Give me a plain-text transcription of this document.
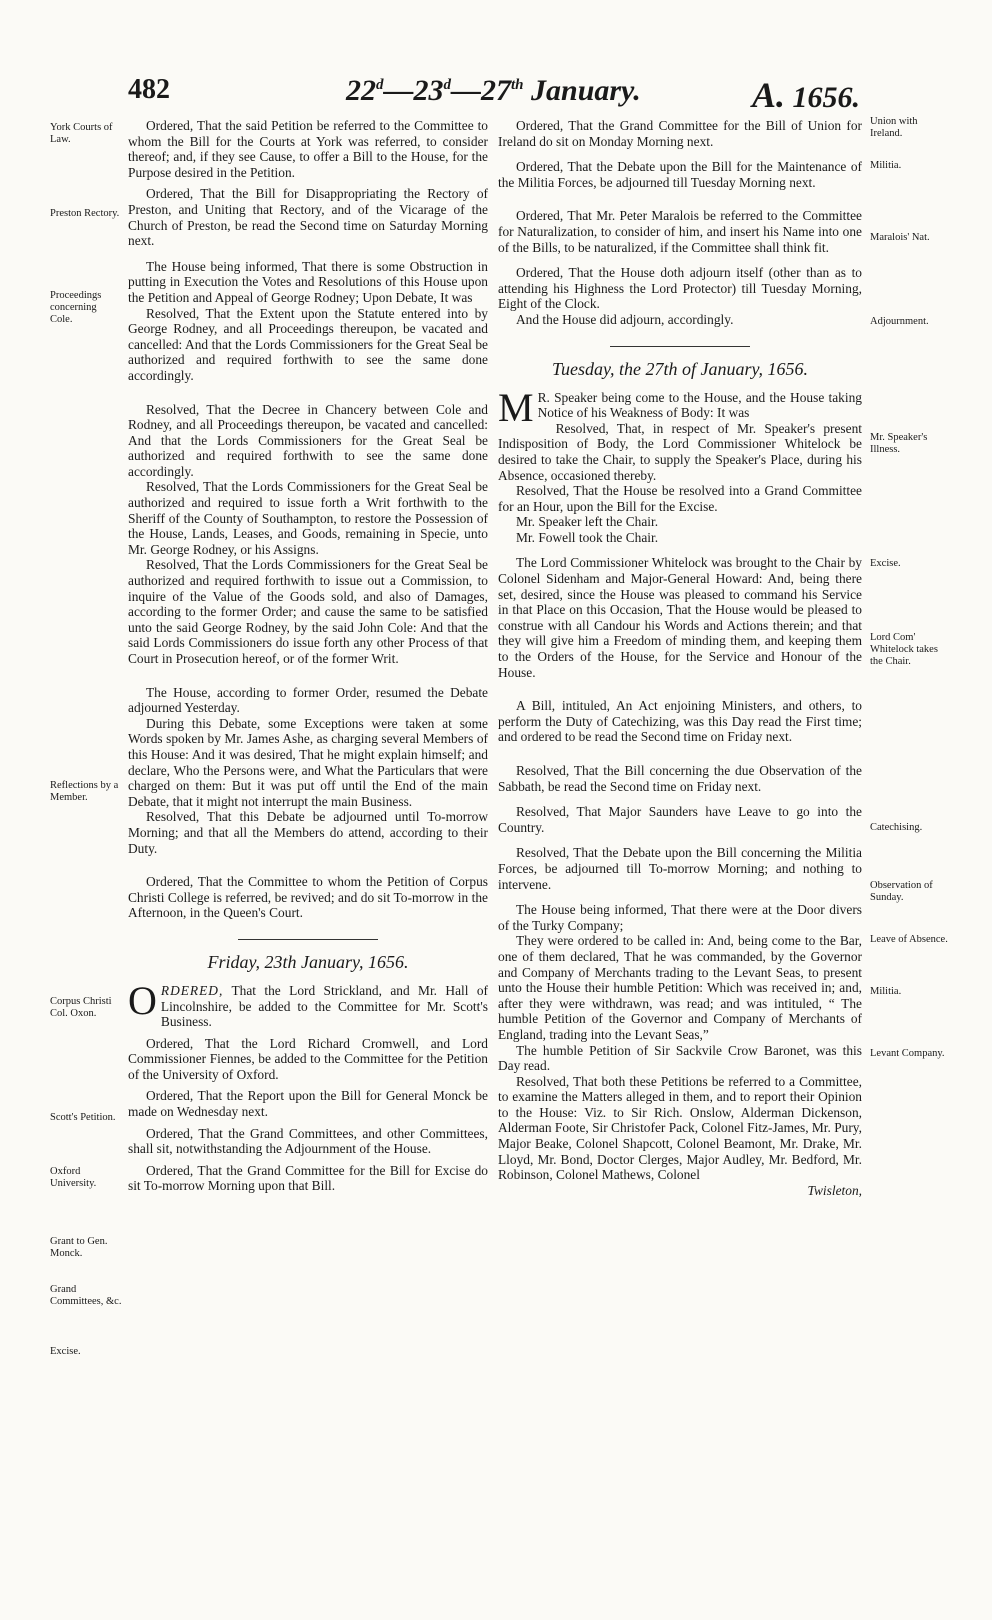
482	22$^d$—23$^d$—27th January.	A. 1656.
York Courts of Law.
Preston Rectory.
Proceedings concerning Cole.
Reflections by a Member.
Corpus Christi Col. Oxon.
Scott's Petition.
Oxford University.
Grant to Gen. Monck.
Grand Committees, &c.
Excise.
Union with Ireland.
Militia.
Maralois' Nat.
Adjournment.
Mr. Speaker's Illness.
Excise.
Lord Com' Whitelock takes the Chair.
Catechising.
Observation of Sunday.
Leave of Absence.
Militia.
Levant Company.

Ordered, That the said Petition be referred to the Committee to whom the Bill for the Courts at York was referred, to consider thereof; and, if they see Cause, to offer a Bill to the House, for the Purpose desired in the Petition.

Ordered, That the Bill for Disappropriating the Rectory of Preston, and Uniting that Rectory, and of the Vicarage of the Church of Preston, be read the Second time on Saturday Morning next.

The House being informed, That there is some Obstruction in putting in Execution the Votes and Resolutions of this House upon the Petition and Appeal of George Rodney; Upon Debate, It was

Resolved, That the Extent upon the Statute entered into by George Rodney, and all Proceedings thereupon, be vacated and cancelled: And that the Lords Commissioners for the Great Seal be authorized and required forthwith to see the same done accordingly.

Resolved, That the Decree in Chancery between Cole and Rodney, and all Proceedings thereupon, be vacated and cancelled: And that the Lords Commissioners for the Great Seal be authorized and required forthwith to see the same done accordingly.

Resolved, That the Lords Commissioners for the Great Seal be authorized and required to issue forth a Writ forthwith to the Sheriff of the County of Southampton, to restore the Possession of the House, Lands, Leases, and Goods, remaining in Specie, unto Mr. George Rodney, or his Assigns.

Resolved, That the Lords Commissioners for the Great Seal be authorized and required forthwith to issue out a Commission, to inquire of the Value of the Goods sold, and also of Damages, according to the former Order; and cause the same to be satisfied unto the said George Rodney, by the said John Cole: And that the said Lords Commissioners do issue forth any other Process of that Court in Prosecution hereof, or of the former Writ.

The House, according to former Order, resumed the Debate adjourned Yesterday.

During this Debate, some Exceptions were taken at some Words spoken by Mr. James Ashe, as charging several Members of this House: And it was desired, That he might explain himself; and declare, Who the Persons were, and What the Particulars that were charged on them: But it was put off until the End of the main Debate, that it might not interrupt the main Business.

Resolved, That this Debate be adjourned until To-morrow Morning; and that all the Members do attend, according to their Duty.

Ordered, That the Committee to whom the Petition of Corpus Christi College is referred, be revived; and do sit To-morrow in the Afternoon, in the Queen's Court.

Friday, 23th January, 1656.

ORDERED, That the Lord Strickland, and Mr. Hall of Lincolnshire, be added to the Committee for Mr. Scott's Business.

Ordered, That the Lord Richard Cromwell, and Lord Commissioner Fiennes, be added to the Committee for the Petition of the University of Oxford.

Ordered, That the Report upon the Bill for General Monck be made on Wednesday next.

Ordered, That the Grand Committees, and other Committees, shall sit, notwithstanding the Adjournment of the House.

Ordered, That the Grand Committee for the Bill for Excise do sit To-morrow Morning upon that Bill.

Ordered, That the Grand Committee for the Bill of Union for Ireland do sit on Monday Morning next.

Ordered, That the Debate upon the Bill for the Maintenance of the Militia Forces, be adjourned till Tuesday Morning next.

Ordered, That Mr. Peter Maralois be referred to the Committee for Naturalization, to consider of him, and insert his Name into one of the Bills, to be naturalized, if the Committee shall think fit.

Ordered, That the House doth adjourn itself (other than as to attending his Highness the Lord Protector) till Tuesday Morning, Eight of the Clock.

And the House did adjourn, accordingly.

Tuesday, the 27th of January, 1656.

M R. Speaker being come to the House, and the House taking Notice of his Weakness of Body: It was

Resolved, That, in respect of Mr. Speaker's present Indisposition of Body, the Lord Commissioner Whitelock be desired to take the Chair, to supply the Speaker's Place, during his Absence, occasioned thereby.

Resolved, That the House be resolved into a Grand Committee for an Hour, upon the Bill for the Excise.

Mr. Speaker left the Chair.

Mr. Fowell took the Chair.

The Lord Commissioner Whitelock was brought to the Chair by Colonel Sidenham and Major-General Howard: And, being there set, desired, since the House was pleased to command his Service in that Place on this Occasion, That the House would be pleased to construe with all Candour his Words and Actions therein; and that they will give him a Freedom of minding them, and keeping them to the Orders of the House, for the Service and Honour of the House.

A Bill, intituled, An Act enjoining Ministers, and others, to perform the Duty of Catechizing, was this Day read the First time; and ordered to be read the Second time on Friday next.

Resolved, That the Bill concerning the due Observation of the Sabbath, be read the Second time on Friday next.

Resolved, That Major Saunders have Leave to go into the Country.

Resolved, That the Debate upon the Bill concerning the Militia Forces, be adjourned till To-morrow Morning; and nothing to intervene.

The House being informed, That there were at the Door divers of the Turky Company;

They were ordered to be called in: And, being come to the Bar, one of them declared, That he was commanded, by the Governor and Company of Merchants trading to the Levant Seas, to present unto the House their humble Petition: Which was received in; and, after they were withdrawn, was read; and was intituled, “ The humble Petition of the Governor and Company of Merchants of England, trading into the Levant Seas,”

The humble Petition of Sir Sackvile Crow Baronet, was this Day read.

Resolved, That both these Petitions be referred to a Committee, to examine the Matters alleged in them, and to report their Opinion to the House: Viz. to Sir Rich. Onslow, Alderman Dickenson, Alderman Foote, Sir Christofer Pack, Colonel Fitz-James, Mr. Pury, Major Beake, Colonel Shapcott, Colonel Beamont, Mr. Drake, Mr. Lloyd, Mr. Bond, Doctor Clerges, Major Audley, Mr. Bedford, Mr. Robinson, Colonel Mathews, Colonel

Twisleton,
